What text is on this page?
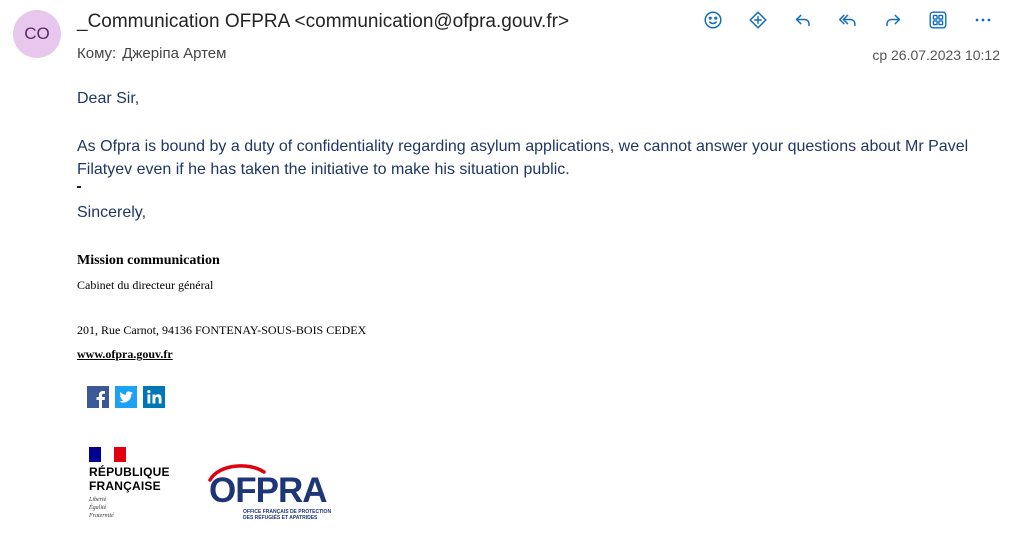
CO
_Communication OFPRA <communication@ofpra.gouv.fr>
Кому: Джеріпа Артем	ср 26.07.2023 10:12
Dear Sir,
As Ofpra is bound by a duty of confidentiality regarding asylum applications, we cannot answer your questions about Mr Pavel Filatyev even if he has taken the initiative to make his situation public.
Sincerely,
Mission communication
Cabinet du directeur général
201, Rue Carnot, 94136 FONTENAY-SOUS-BOIS CEDEX
www.ofpra.gouv.fr
RÉPUBLIQUE
FRANÇAISE
Liberté
Égalité
Fraternité
OFPRA
OFFICE FRANÇAIS DE PROTECTION
DES RÉFUGIÉS ET APATRIDES
